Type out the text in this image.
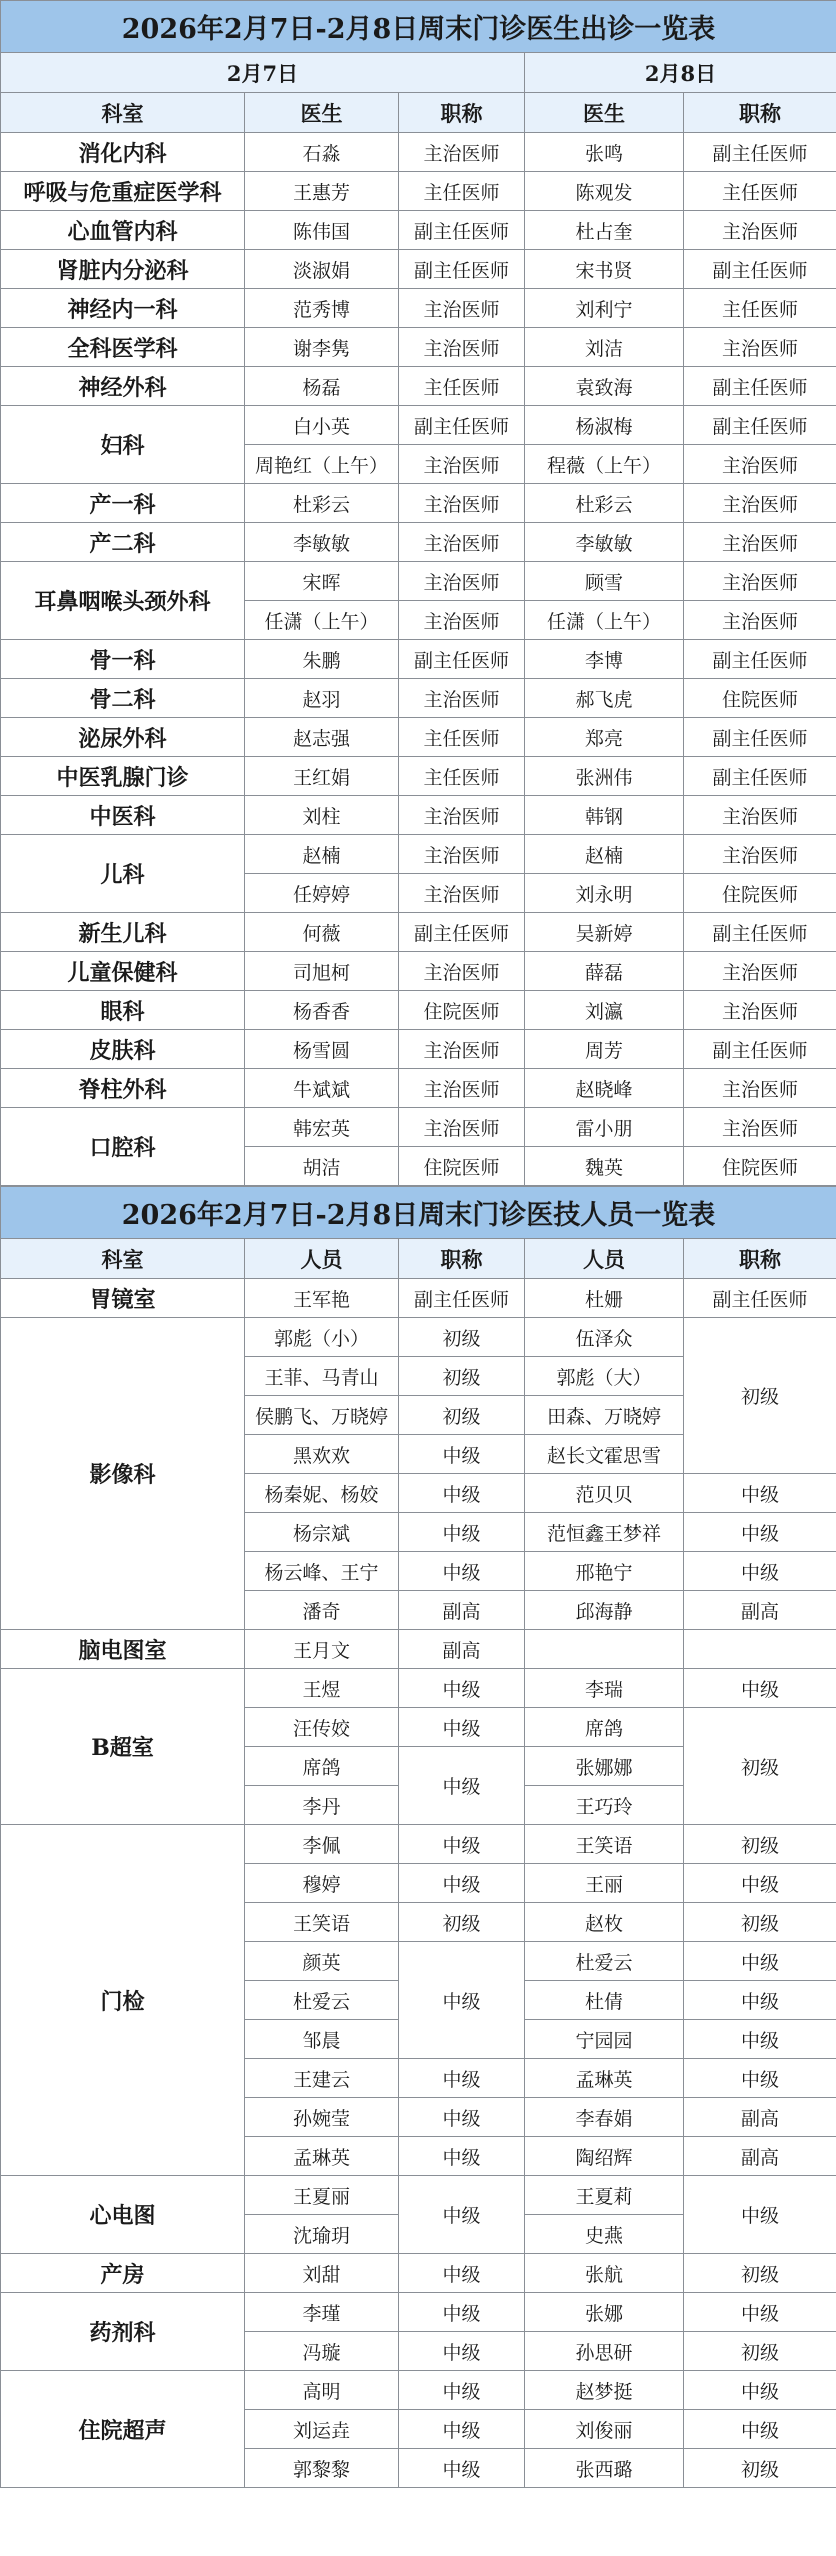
2026年2月7日-2月8日周末门诊医生出诊一览表				
2月7日			2月8日	
科室	医生	职称	医生	职称
消化内科	石淼	主治医师	张鸣	副主任医师
呼吸与危重症医学科	王惠芳	主任医师	陈观发	主任医师
心血管内科	陈伟国	副主任医师	杜占奎	主治医师
肾脏内分泌科	淡淑娟	副主任医师	宋书贤	副主任医师
神经内一科	范秀博	主治医师	刘利宁	主任医师
全科医学科	谢李隽	主治医师	刘洁	主治医师
神经外科	杨磊	主任医师	袁致海	副主任医师
妇科	白小英	副主任医师	杨淑梅	副主任医师
	周艳红（上午）	主治医师	程薇（上午）	主治医师
产一科	杜彩云	主治医师	杜彩云	主治医师
产二科	李敏敏	主治医师	李敏敏	主治医师
耳鼻咽喉头颈外科	宋晖	主治医师	顾雪	主治医师
	任潇（上午）	主治医师	任潇（上午）	主治医师
骨一科	朱鹏	副主任医师	李博	副主任医师
骨二科	赵羽	主治医师	郝飞虎	住院医师
泌尿外科	赵志强	主任医师	郑亮	副主任医师
中医乳腺门诊	王红娟	主任医师	张洲伟	副主任医师
中医科	刘柱	主治医师	韩钢	主治医师
儿科	赵楠	主治医师	赵楠	主治医师
	任婷婷	主治医师	刘永明	住院医师
新生儿科	何薇	副主任医师	吴新婷	副主任医师
儿童保健科	司旭柯	主治医师	薛磊	主治医师
眼科	杨香香	住院医师	刘瀛	主治医师
皮肤科	杨雪圆	主治医师	周芳	副主任医师
脊柱外科	牛斌斌	主治医师	赵晓峰	主治医师
口腔科	韩宏英	主治医师	雷小朋	主治医师
	胡洁	住院医师	魏英	住院医师
2026年2月7日-2月8日周末门诊医技人员一览表				
科室	人员	职称	人员	职称
胃镜室	王军艳	副主任医师	杜姗	副主任医师
影像科	郭彪（小）	初级	伍泽众	初级
	王菲、马青山	初级	郭彪（大）	
	侯鹏飞、万晓婷	初级	田森、万晓婷	
	黑欢欢	中级	赵长文霍思雪	
	杨秦妮、杨姣	中级	范贝贝	中级
	杨宗斌	中级	范恒鑫王梦祥	中级
	杨云峰、王宁	中级	邢艳宁	中级
	潘奇	副高	邱海静	副高
脑电图室	王月文	副高		
B超室	王煜	中级	李瑞	中级
	汪传姣	中级	席鸽	初级
	席鸽	中级	张娜娜	
	李丹		王巧玲	
门检	李佩	中级	王笑语	初级
	穆婷	中级	王丽	中级
	王笑语	初级	赵枚	初级
	颜英	中级	杜爱云	中级
	杜爱云		杜倩	中级
	邹晨		宁园园	中级
	王建云	中级	孟琳英	中级
	孙婉莹	中级	李春娟	副高
	孟琳英	中级	陶绍辉	副高
心电图	王夏丽	中级	王夏莉	中级
	沈瑜玥		史燕	
产房	刘甜	中级	张航	初级
药剂科	李瑾	中级	张娜	中级
	冯璇	中级	孙思研	初级
住院超声	高明	中级	赵梦挺	中级
	刘运垚	中级	刘俊丽	中级
	郭黎黎	中级	张西璐	初级
